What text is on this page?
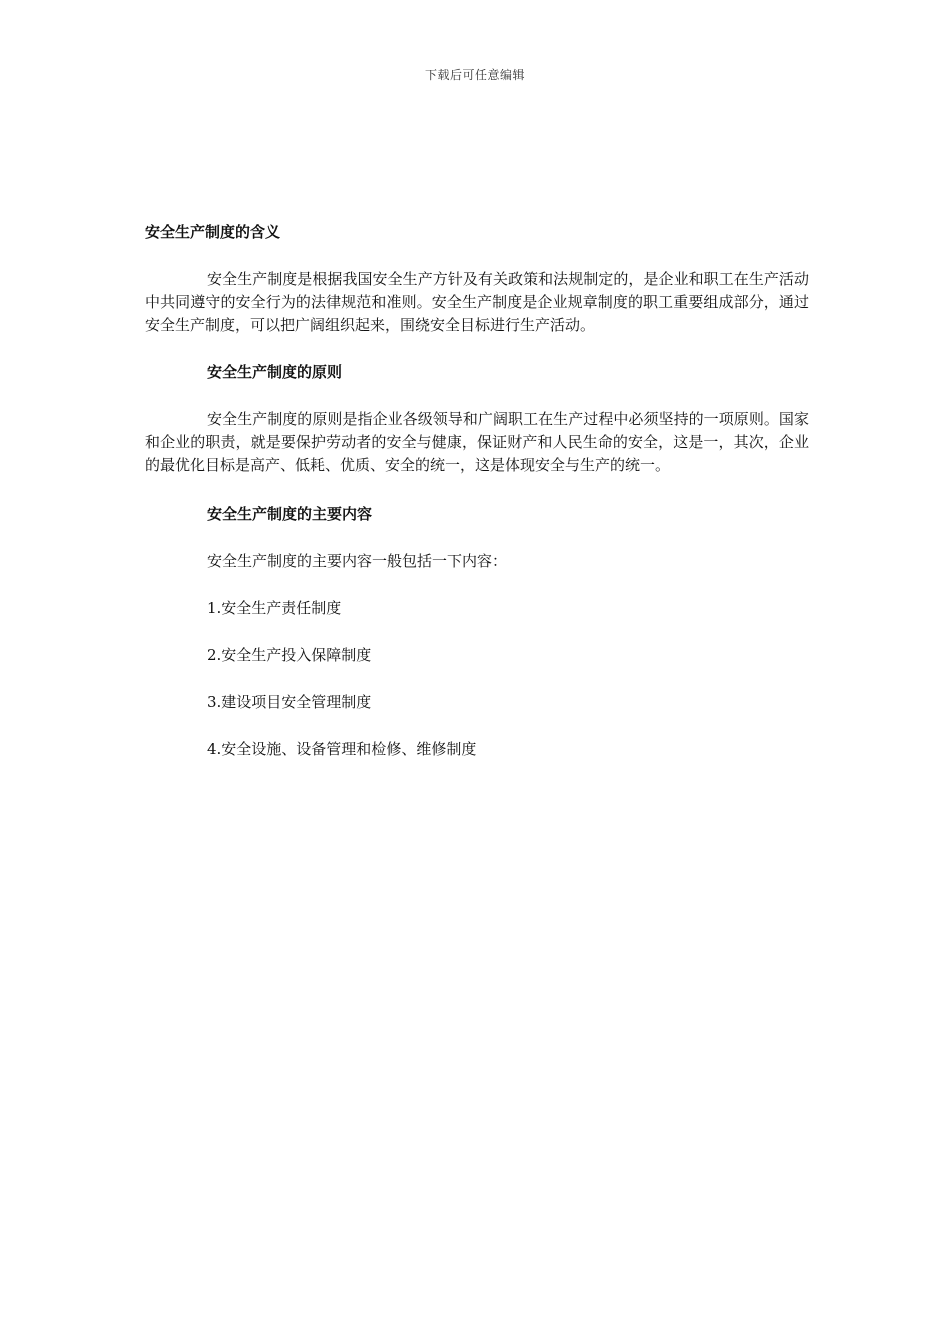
下载后可任意编辑
安全生产制度的含义

安全生产制度是根据我国安全生产方针及有关政策和法规制定的，是企业和职工在生产活动中共同遵守的安全行为的法律规范和准则。安全生产制度是企业规章制度的职工重要组成部分，通过安全生产制度，可以把广阔组织起来，围绕安全目标进行生产活动。

安全生产制度的原则

安全生产制度的原则是指企业各级领导和广阔职工在生产过程中必须坚持的一项原则。国家和企业的职责，就是要保护劳动者的安全与健康，保证财产和人民生命的安全，这是一，其次，企业的最优化目标是高产、低耗、优质、安全的统一，这是体现安全与生产的统一。

安全生产制度的主要内容

安全生产制度的主要内容一般包括一下内容：

1.安全生产责任制度

2.安全生产投入保障制度

3.建设项目安全管理制度

4.安全设施、设备管理和检修、维修制度
